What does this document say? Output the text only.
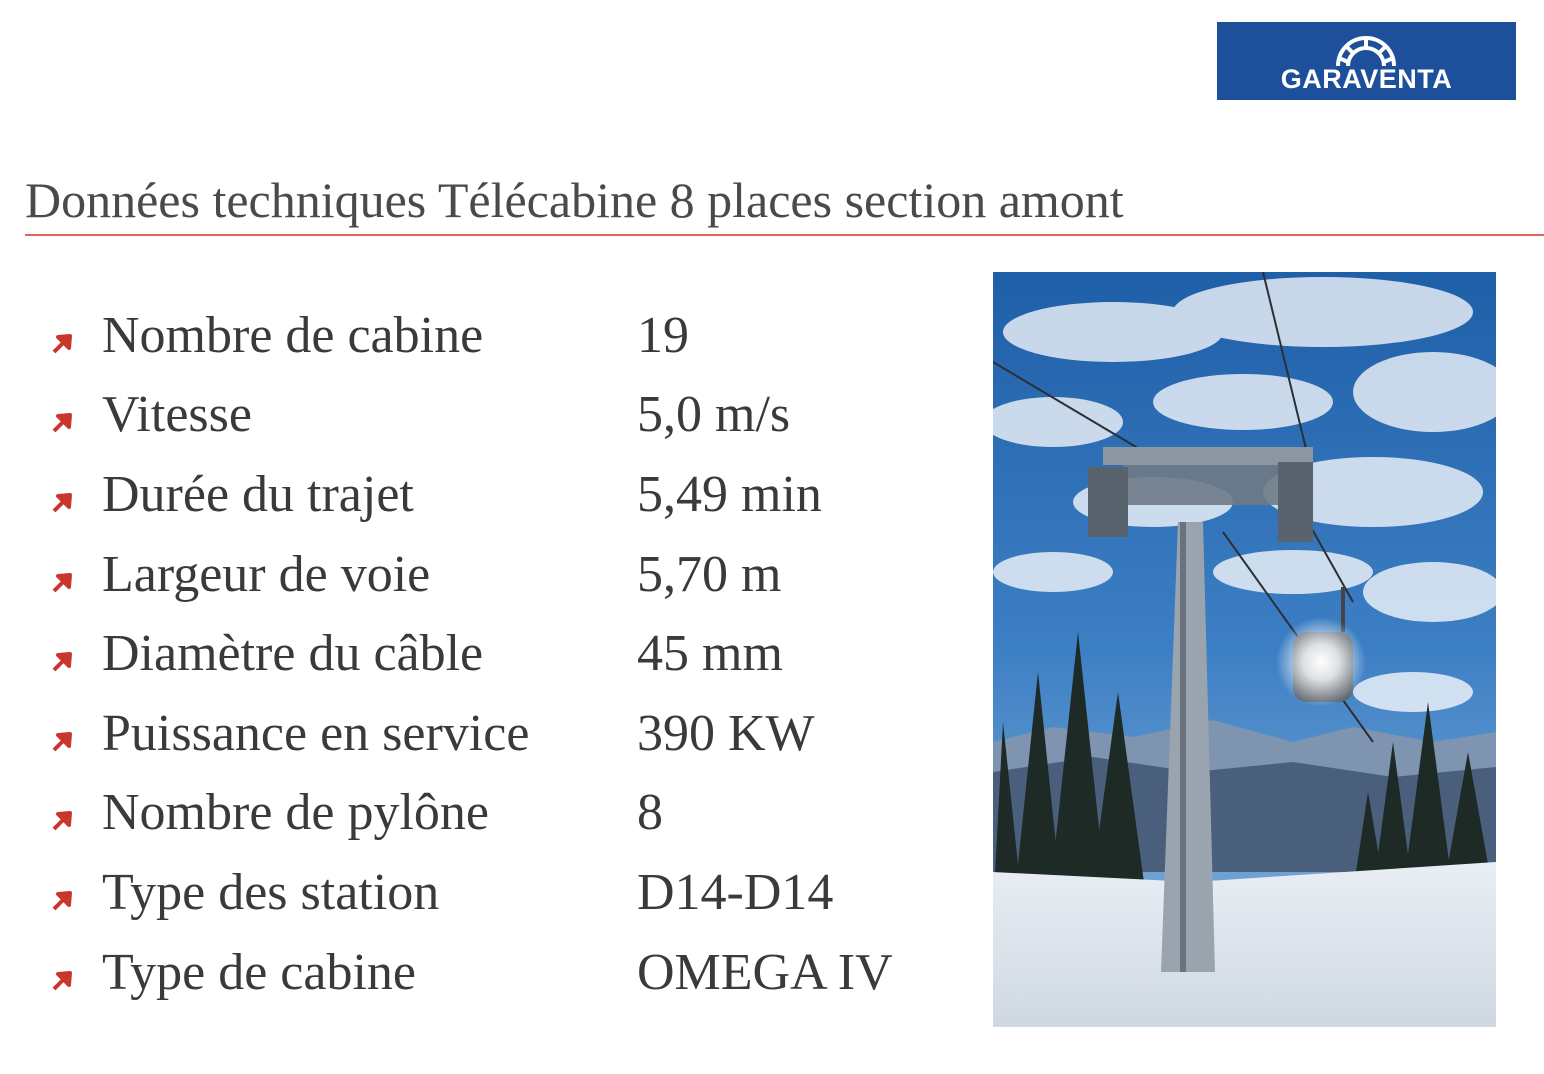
GARAVENTA
Données techniques Télécabine 8 places section amont
Nombre de cabine	19
Vitesse	5,0 m/s
Durée du trajet	5,49 min
Largeur de voie	5,70 m
Diamètre du câble	45 mm
Puissance en service	390 KW
Nombre de pylône	8
Type des station	D14-D14
Type de cabine	OMEGA IV
